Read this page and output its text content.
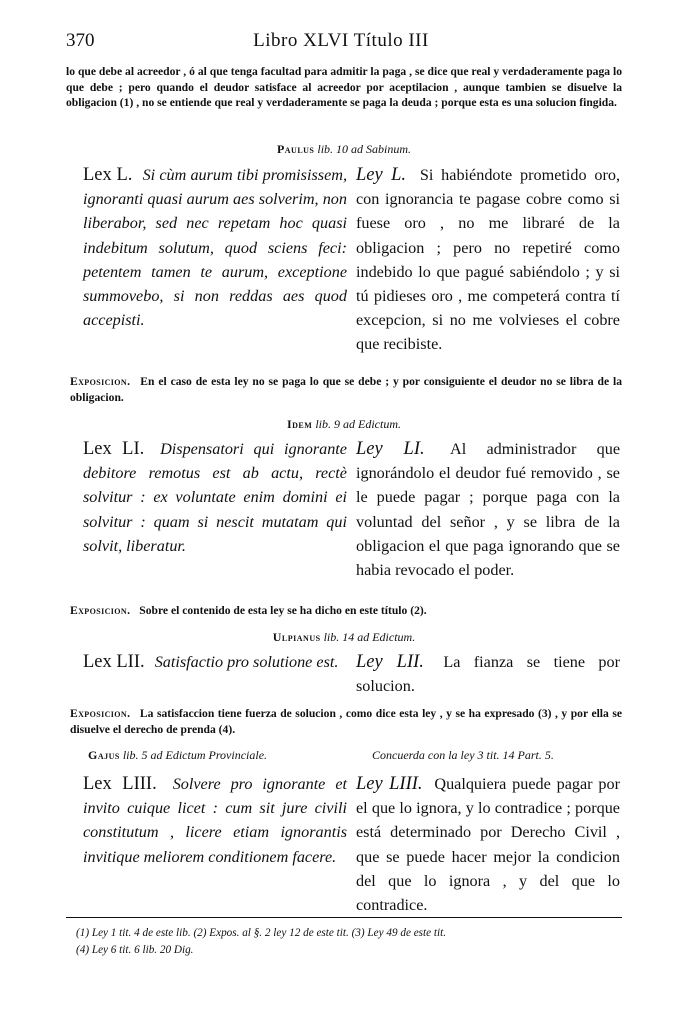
370	Libro XLVI Título III
lo que debe al acreedor , ó al que tenga facultad para admitir la paga , se dice que real y verdaderamente paga lo que debe ; pero quando el deudor satisface al acreedor por aceptilacion , aunque tambien se disuelve la obligacion (1) , no se entiende que real y verdaderamente se paga la deuda ; porque esta es una solucion fingida.
Paulus lib. 10 ad Sabinum.
Lex L. Si cùm aurum tibi promisissem, ignoranti quasi aurum aes solverim, non liberabor, sed nec repetam hoc quasi indebitum solutum, quod sciens feci: petentem tamen te aurum, exceptione summovebo, si non reddas aes quod accepisti.
Ley L. Si habiéndote prometido oro, con ignorancia te pagase cobre como si fuese oro , no me libraré de la obligacion ; pero no repetiré como indebido lo que pagué sabiéndolo ; y si tú pidieses oro , me competerá contra tí excepcion, si no me volvieses el cobre que recibiste.
Exposicion. En el caso de esta ley no se paga lo que se debe ; y por consiguiente el deudor no se libra de la obligacion.
Idem lib. 9 ad Edictum.
Lex LI. Dispensatori qui ignorante debitore remotus est ab actu, rectè solvitur : ex voluntate enim domini ei solvitur : quam si nescit mutatam qui solvit, liberatur.
Ley LI. Al administrador que ignorándolo el deudor fué removido , se le puede pagar ; porque paga con la voluntad del señor , y se libra de la obligacion el que paga ignorando que se habia revocado el poder.
Exposicion. Sobre el contenido de esta ley se ha dicho en este título (2).
Ulpianus lib. 14 ad Edictum.
Lex LII. Satisfactio pro solutione est. Ley LII. La fianza se tiene por solucion.
Exposicion. La satisfaccion tiene fuerza de solucion , como dice esta ley , y se ha expresado (3) , y por ella se disuelve el derecho de prenda (4).
Gajus lib. 5 ad Edictum Provinciale.	Concuerda con la ley 3 tit. 14 Part. 5.
Lex LIII. Solvere pro ignorante et invito cuique licet : cum sit jure civili constitutum , licere etiam ignorantis invitique meliorem conditionem facere.
Ley LIII. Qualquiera puede pagar por el que lo ignora, y lo contradice ; porque está determinado por Derecho Civil , que se puede hacer mejor la condicion del que lo ignora , y del que lo contradice.
(1) Ley 1 tit. 4 de este lib. (2) Expos. al §. 2 ley 12 de este tit. (3) Ley 49 de este tit.
(4) Ley 6 tit. 6 lib. 20 Dig.
